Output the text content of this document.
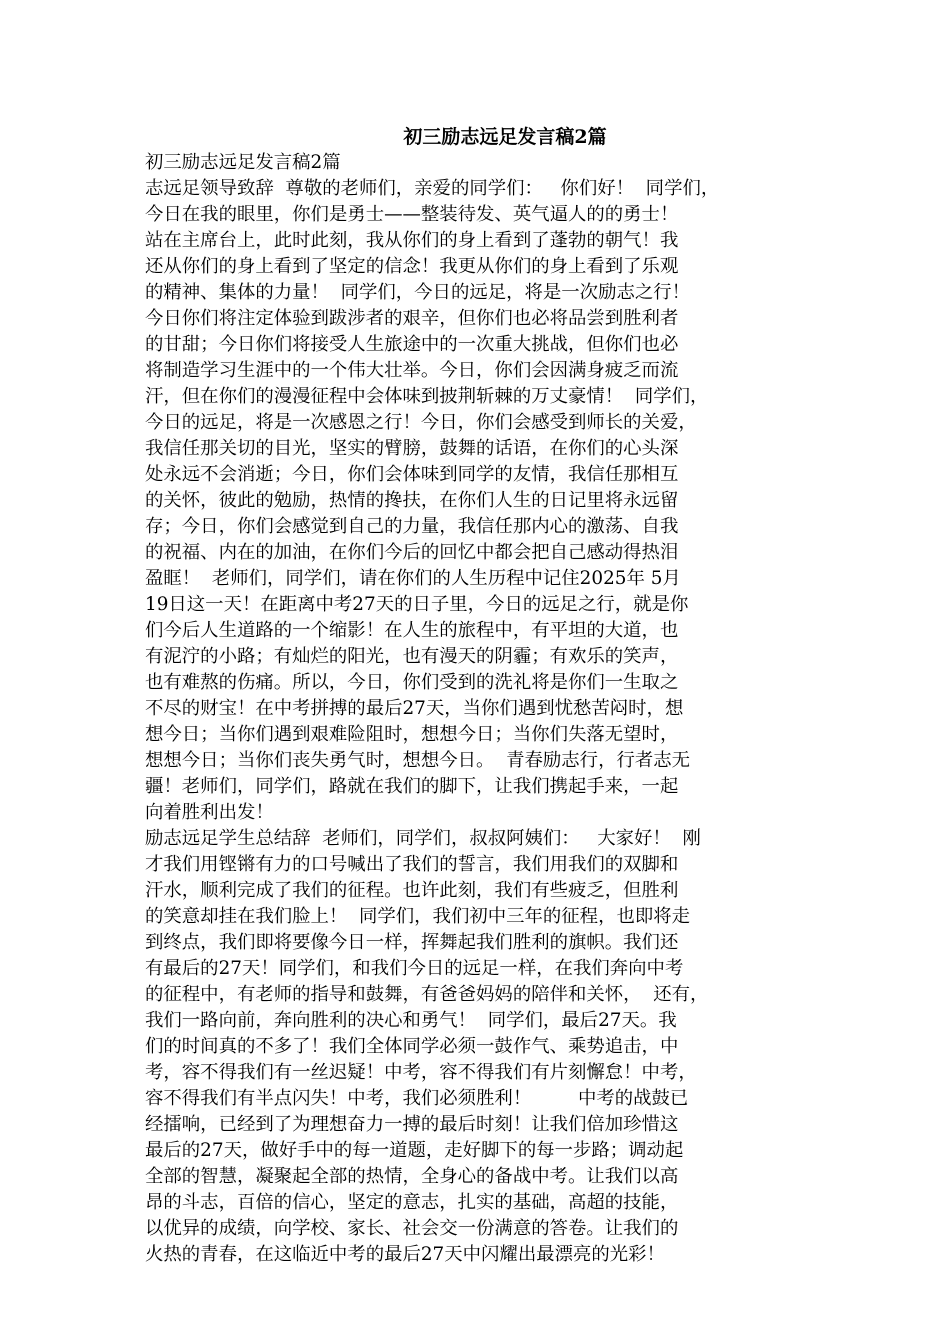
初三励志远足发言稿2篇
初三励志远足发言稿2篇
志远足领导致辞  尊敬的老师们，亲爱的同学们：   你们好！  同学们，
今日在我的眼里，你们是勇士——整装待发、英气逼人的的勇士！
站在主席台上，此时此刻，我从你们的身上看到了蓬勃的朝气！我
还从你们的身上看到了坚定的信念！我更从你们的身上看到了乐观
的精神、集体的力量！  同学们，今日的远足，将是一次励志之行！
今日你们将注定体验到跋涉者的艰辛，但你们也必将品尝到胜利者
的甘甜；今日你们将接受人生旅途中的一次重大挑战，但你们也必
将制造学习生涯中的一个伟大壮举。今日，你们会因满身疲乏而流
汗，但在你们的漫漫征程中会体味到披荆斩棘的万丈豪情！  同学们，
今日的远足，将是一次感恩之行！今日，你们会感受到师长的关爱，
我信任那关切的目光，坚实的臂膀，鼓舞的话语，在你们的心头深
处永远不会消逝；今日，你们会体味到同学的友情，我信任那相互
的关怀，彼此的勉励，热情的搀扶，在你们人生的日记里将永远留
存；今日，你们会感觉到自己的力量，我信任那内心的激荡、自我
的祝福、内在的加油，在你们今后的回忆中都会把自己感动得热泪
盈眶！  老师们，同学们，请在你们的人生历程中记住2025年 5月
19日这一天！在距离中考27天的日子里，今日的远足之行，就是你
们今后人生道路的一个缩影！在人生的旅程中，有平坦的大道，也
有泥泞的小路；有灿烂的阳光，也有漫天的阴霾；有欢乐的笑声，
也有难熬的伤痛。所以，今日，你们受到的洗礼将是你们一生取之
不尽的财宝！在中考拼搏的最后27天，当你们遇到忧愁苦闷时，想
想今日；当你们遇到艰难险阻时，想想今日；当你们失落无望时，
想想今日；当你们丧失勇气时，想想今日。  青春励志行，行者志无
疆！老师们，同学们，路就在我们的脚下，让我们携起手来，一起
向着胜利出发！
励志远足学生总结辞  老师们，同学们，叔叔阿姨们：   大家好！  刚
才我们用铿锵有力的口号喊出了我们的誓言，我们用我们的双脚和
汗水，顺利完成了我们的征程。也许此刻，我们有些疲乏，但胜利
的笑意却挂在我们脸上！  同学们，我们初中三年的征程，也即将走
到终点，我们即将要像今日一样，挥舞起我们胜利的旗帜。我们还
有最后的27天！同学们，和我们今日的远足一样，在我们奔向中考
的征程中，有老师的指导和鼓舞，有爸爸妈妈的陪伴和关怀，  还有，
我们一路向前，奔向胜利的决心和勇气！  同学们，最后27天。我
们的时间真的不多了！我们全体同学必须一鼓作气、乘势追击，中
考，容不得我们有一丝迟疑！中考，容不得我们有片刻懈怠！中考，
容不得我们有半点闪失！中考，我们必须胜利！        中考的战鼓已
经擂响，已经到了为理想奋力一搏的最后时刻！让我们倍加珍惜这
最后的27天，做好手中的每一道题，走好脚下的每一步路；调动起
全部的智慧，凝聚起全部的热情，全身心的备战中考。让我们以高
昂的斗志，百倍的信心，坚定的意志，扎实的基础，高超的技能，
以优异的成绩，向学校、家长、社会交一份满意的答卷。让我们的
火热的青春，在这临近中考的最后27天中闪耀出最漂亮的光彩！
